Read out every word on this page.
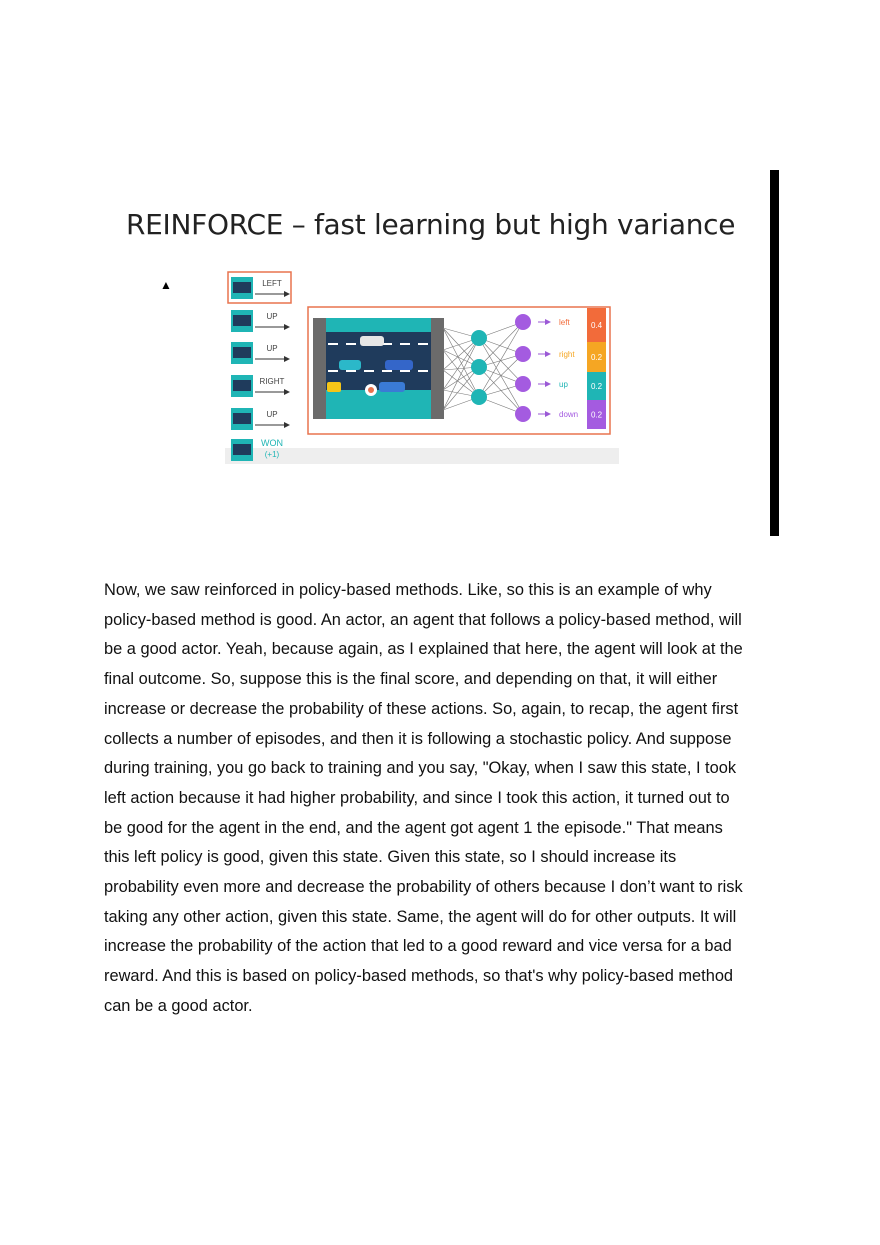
REINFORCE – fast learning but high variance
▲	LEFT
UP
UP
RIGHT
UP
WON
(+1)
left	0.4
right 0.2
up	0.2
down 0.2
Now, we saw reinforced in policy-based methods. Like, so this is an example of why
policy-based method is good. An actor, an agent that follows a policy-based method, will
be a good actor. Yeah, because again, as I explained that here, the agent will look at the
final outcome. So, suppose this is the final score, and depending on that, it will either
increase or decrease the probability of these actions. So, again, to recap, the agent first
collects a number of episodes, and then it is following a stochastic policy. And suppose
during training, you go back to training and you say, "Okay, when I saw this state, I took
left action because it had higher probability, and since I took this action, it turned out to
be good for the agent in the end, and the agent got agent 1 the episode." That means
this left policy is good, given this state. Given this state, so I should increase its
probability even more and decrease the probability of others because I don’t want to risk
taking any other action, given this state. Same, the agent will do for other outputs. It will
increase the probability of the action that led to a good reward and vice versa for a bad
reward. And this is based on policy-based methods, so that's why policy-based method
can be a good actor.
